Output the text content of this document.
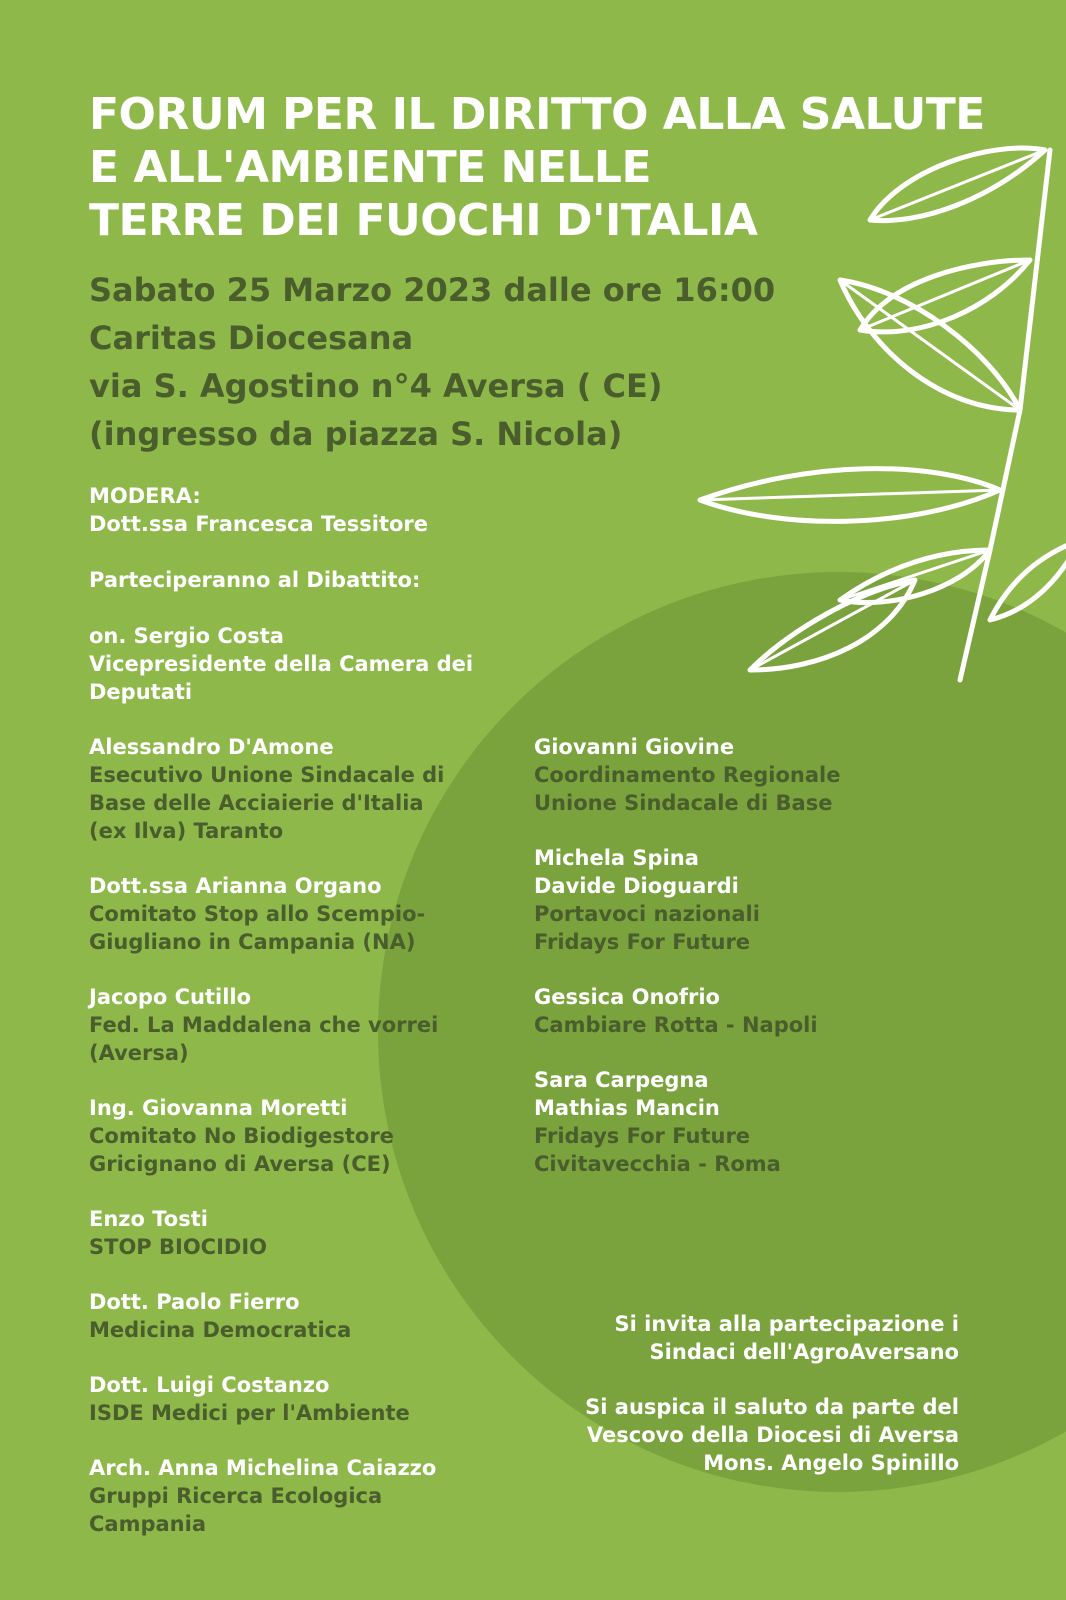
FORUM PER IL DIRITTO ALLA SALUTE
E ALL'AMBIENTE NELLE
TERRE DEI FUOCHI D'ITALIA
Sabato 25 Marzo 2023 dalle ore 16:00
Caritas Diocesana
via S. Agostino n°4 Aversa ( CE)
(ingresso da piazza S. Nicola)
MODERA:
Dott.ssa Francesca Tessitore
Parteciperanno al Dibattito:
on. Sergio Costa
Vicepresidente della Camera dei
Deputati
Alessandro D'Amone
Esecutivo Unione Sindacale di
Base delle Acciaierie d'Italia
(ex Ilva) Taranto
Dott.ssa Arianna Organo
Comitato Stop allo Scempio-
Giugliano in Campania (NA)
Jacopo Cutillo
Fed. La Maddalena che vorrei
(Aversa)
Ing. Giovanna Moretti
Comitato No Biodigestore
Gricignano di Aversa (CE)
Enzo Tosti
STOP BIOCIDIO
Dott. Paolo Fierro
Medicina Democratica
Dott. Luigi Costanzo
ISDE Medici per l'Ambiente
Arch. Anna Michelina Caiazzo
Gruppi Ricerca Ecologica
Campania
Giovanni Giovine
Coordinamento Regionale
Unione Sindacale di Base
Michela Spina
Davide Dioguardi
Portavoci nazionali
Fridays For Future
Gessica Onofrio
Cambiare Rotta - Napoli
Sara Carpegna
Mathias Mancin
Fridays For Future
Civitavecchia - Roma
Si invita alla partecipazione i
Sindaci dell'AgroAversano
Si auspica il saluto da parte del
Vescovo della Diocesi di Aversa
Mons. Angelo Spinillo
